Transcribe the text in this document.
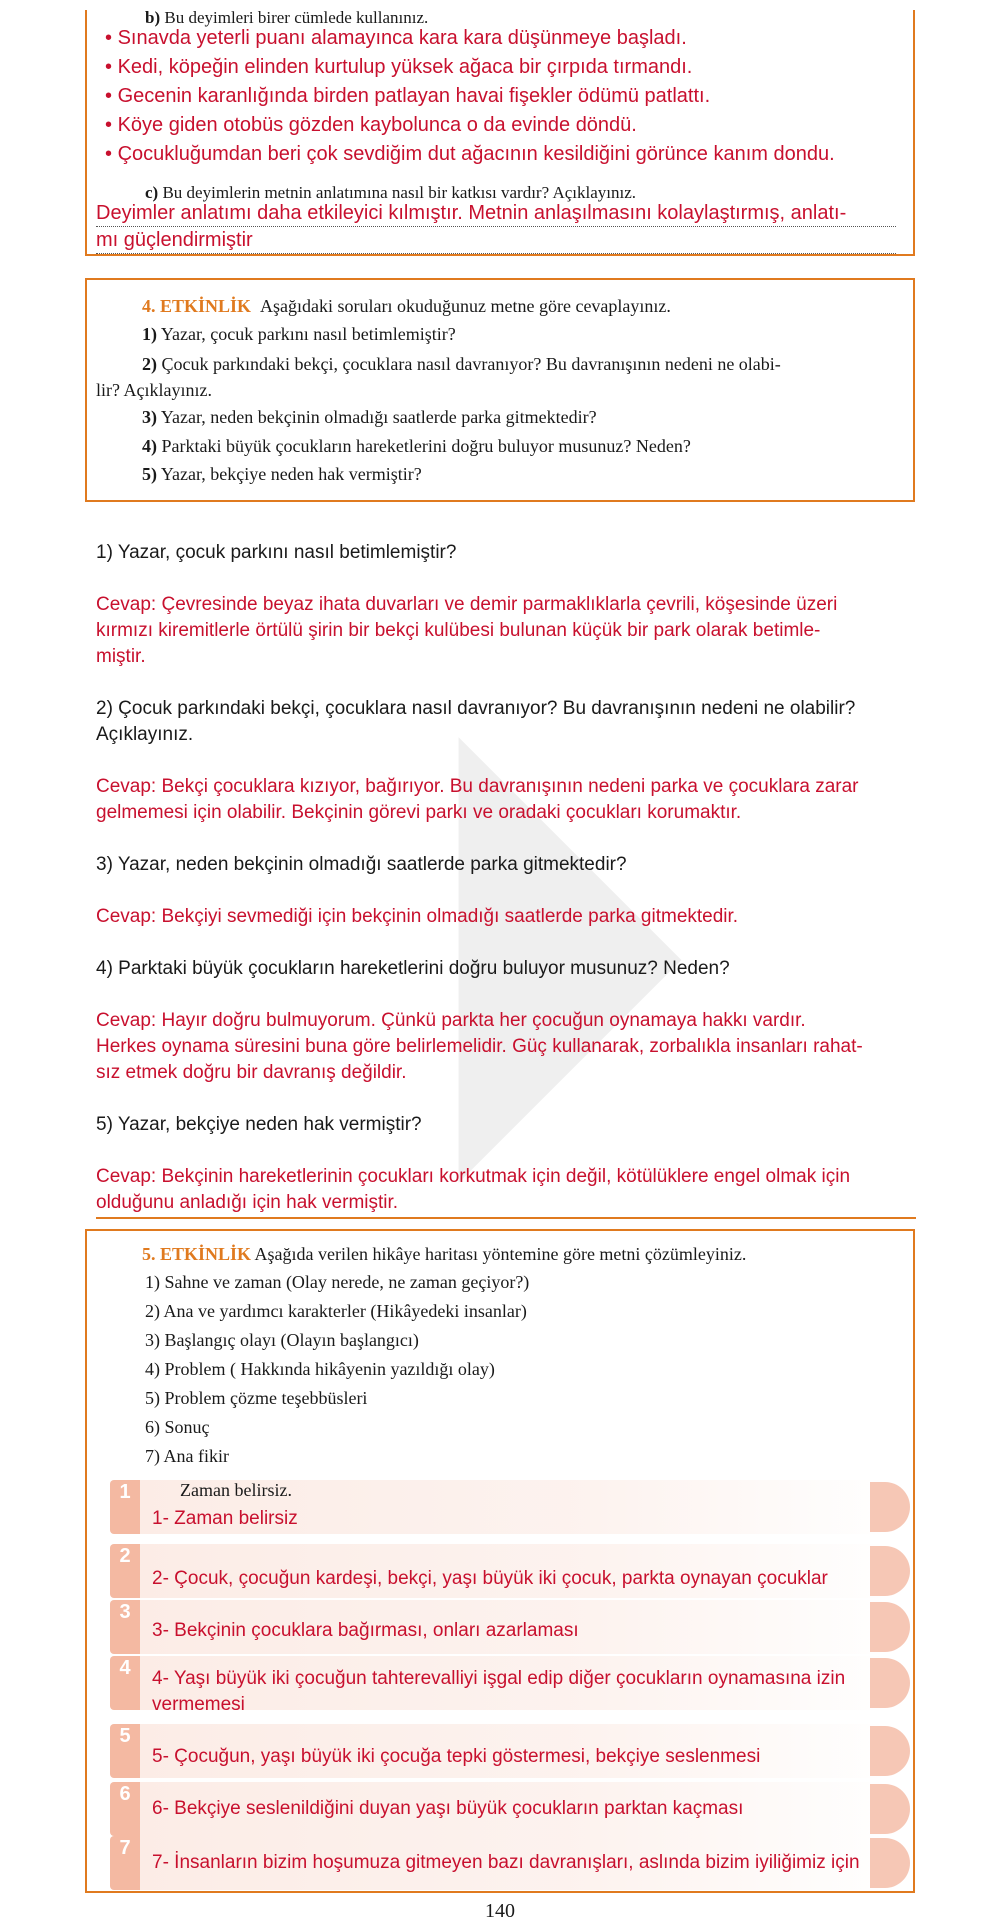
b) Bu deyimleri birer cümlede kullanınız.
• Sınavda yeterli puanı alamayınca kara kara düşünmeye başladı.
• Kedi, köpeğin elinden kurtulup yüksek ağaca bir çırpıda tırmandı.
• Gecenin karanlığında birden patlayan havai fişekler ödümü patlattı.
• Köye giden otobüs gözden kaybolunca o da evinde döndü.
• Çocukluğumdan beri çok sevdiğim dut ağacının kesildiğini görünce kanım dondu.
c) Bu deyimlerin metnin anlatımına nasıl bir katkısı vardır? Açıklayınız.
Deyimler anlatımı daha etkileyici kılmıştır. Metnin anlaşılmasını kolaylaştırmış, anlatı-
mı güçlendirmiştir
4. ETKİNLİK Aşağıdaki soruları okuduğunuz metne göre cevaplayınız.
1) Yazar, çocuk parkını nasıl betimlemiştir?
2) Çocuk parkındaki bekçi, çocuklara nasıl davranıyor? Bu davranışının nedeni ne olabi-
lir? Açıklayınız.
3) Yazar, neden bekçinin olmadığı saatlerde parka gitmektedir?
4) Parktaki büyük çocukların hareketlerini doğru buluyor musunuz? Neden?
5) Yazar, bekçiye neden hak vermiştir?
1) Yazar, çocuk parkını nasıl betimlemiştir?
Cevap: Çevresinde beyaz ihata duvarları ve demir parmaklıklarla çevrili, köşesinde üzeri
kırmızı kiremitlerle örtülü şirin bir bekçi kulübesi bulunan küçük bir park olarak betimle-
miştir.
2) Çocuk parkındaki bekçi, çocuklara nasıl davranıyor? Bu davranışının nedeni ne olabilir?
Açıklayınız.
Cevap: Bekçi çocuklara kızıyor, bağırıyor. Bu davranışının nedeni parka ve çocuklara zarar
gelmemesi için olabilir. Bekçinin görevi parkı ve oradaki çocukları korumaktır.
3) Yazar, neden bekçinin olmadığı saatlerde parka gitmektedir?
Cevap: Bekçiyi sevmediği için bekçinin olmadığı saatlerde parka gitmektedir.
4) Parktaki büyük çocukların hareketlerini doğru buluyor musunuz? Neden?
Cevap: Hayır doğru bulmuyorum. Çünkü parkta her çocuğun oynamaya hakkı vardır.
Herkes oynama süresini buna göre belirlemelidir. Güç kullanarak, zorbalıkla insanları rahat-
sız etmek doğru bir davranış değildir.
5) Yazar, bekçiye neden hak vermiştir?
Cevap: Bekçinin hareketlerinin çocukları korkutmak için değil, kötülüklere engel olmak için
olduğunu anladığı için hak vermiştir.
5. ETKİNLİK Aşağıda verilen hikâye haritası yöntemine göre metni çözümleyiniz.
1) Sahne ve zaman (Olay nerede, ne zaman geçiyor?)
2) Ana ve yardımcı karakterler (Hikâyedeki insanlar)
3) Başlangıç olayı (Olayın başlangıcı)
4) Problem ( Hakkında hikâyenin yazıldığı olay)
5) Problem çözme teşebbüsleri
6) Sonuç
7) Ana fikir
1	Zaman belirsiz.
1- Zaman belirsiz
2
2- Çocuk, çocuğun kardeşi, bekçi, yaşı büyük iki çocuk, parkta oynayan çocuklar
3
3- Bekçinin çocuklara bağırması, onları azarlaması
4	4- Yaşı büyük iki çocuğun tahterevalliyi işgal edip diğer çocukların oynamasına izin
vermemesi
5
5- Çocuğun, yaşı büyük iki çocuğa tepki göstermesi, bekçiye seslenmesi
6
6- Bekçiye seslenildiğini duyan yaşı büyük çocukların parktan kaçması
7
7- İnsanların bizim hoşumuza gitmeyen bazı davranışları, aslında bizim iyiliğimiz için
140
